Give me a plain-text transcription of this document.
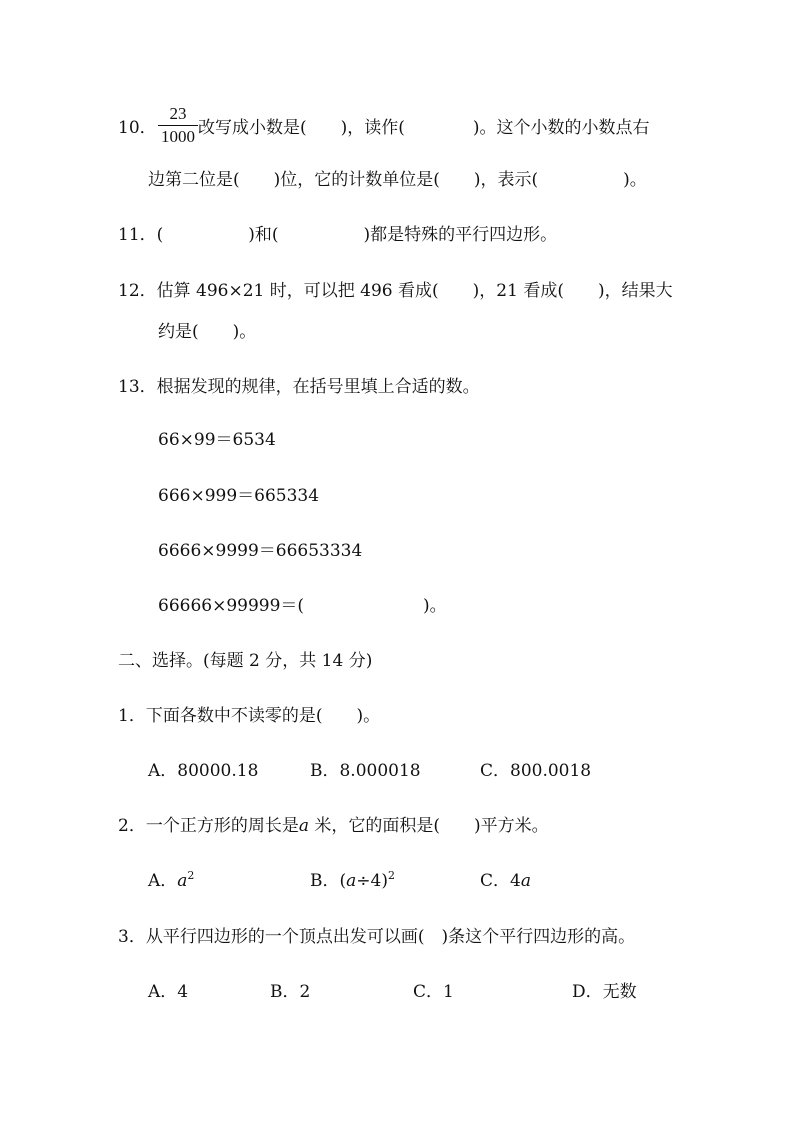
10．
23
1000 改写成小数是(　　)，读作(　　　　)。这个小数的小数点右
边第二位是(　　)位，它的计数单位是(　　)，表示(　　　　　)。
11．(　　　　　)和(　　　　　)都是特殊的平行四边形。
12．估算 496×21 时，可以把 496 看成(　　)，21 看成(　　)，结果大
约是(　　)。
13．根据发现的规律，在括号里填上合适的数。
66×99＝6534
666×999＝665334
6666×9999＝66653334
66666×99999＝(　　　　　　　)。
二、选择。(每题 2 分，共 14 分)
1．下面各数中不读零的是(　　)。
A．80000.18	B．8.000018	C．800.0018
2．一个正方形的周长是a 米，它的面积是(　　)平方米。
A．$a^2$	B．$(a\div 4)^2$	C．4a
3．从平行四边形的一个顶点出发可以画(　)条这个平行四边形的高。
A．4	B．2	C．1	D．无数
